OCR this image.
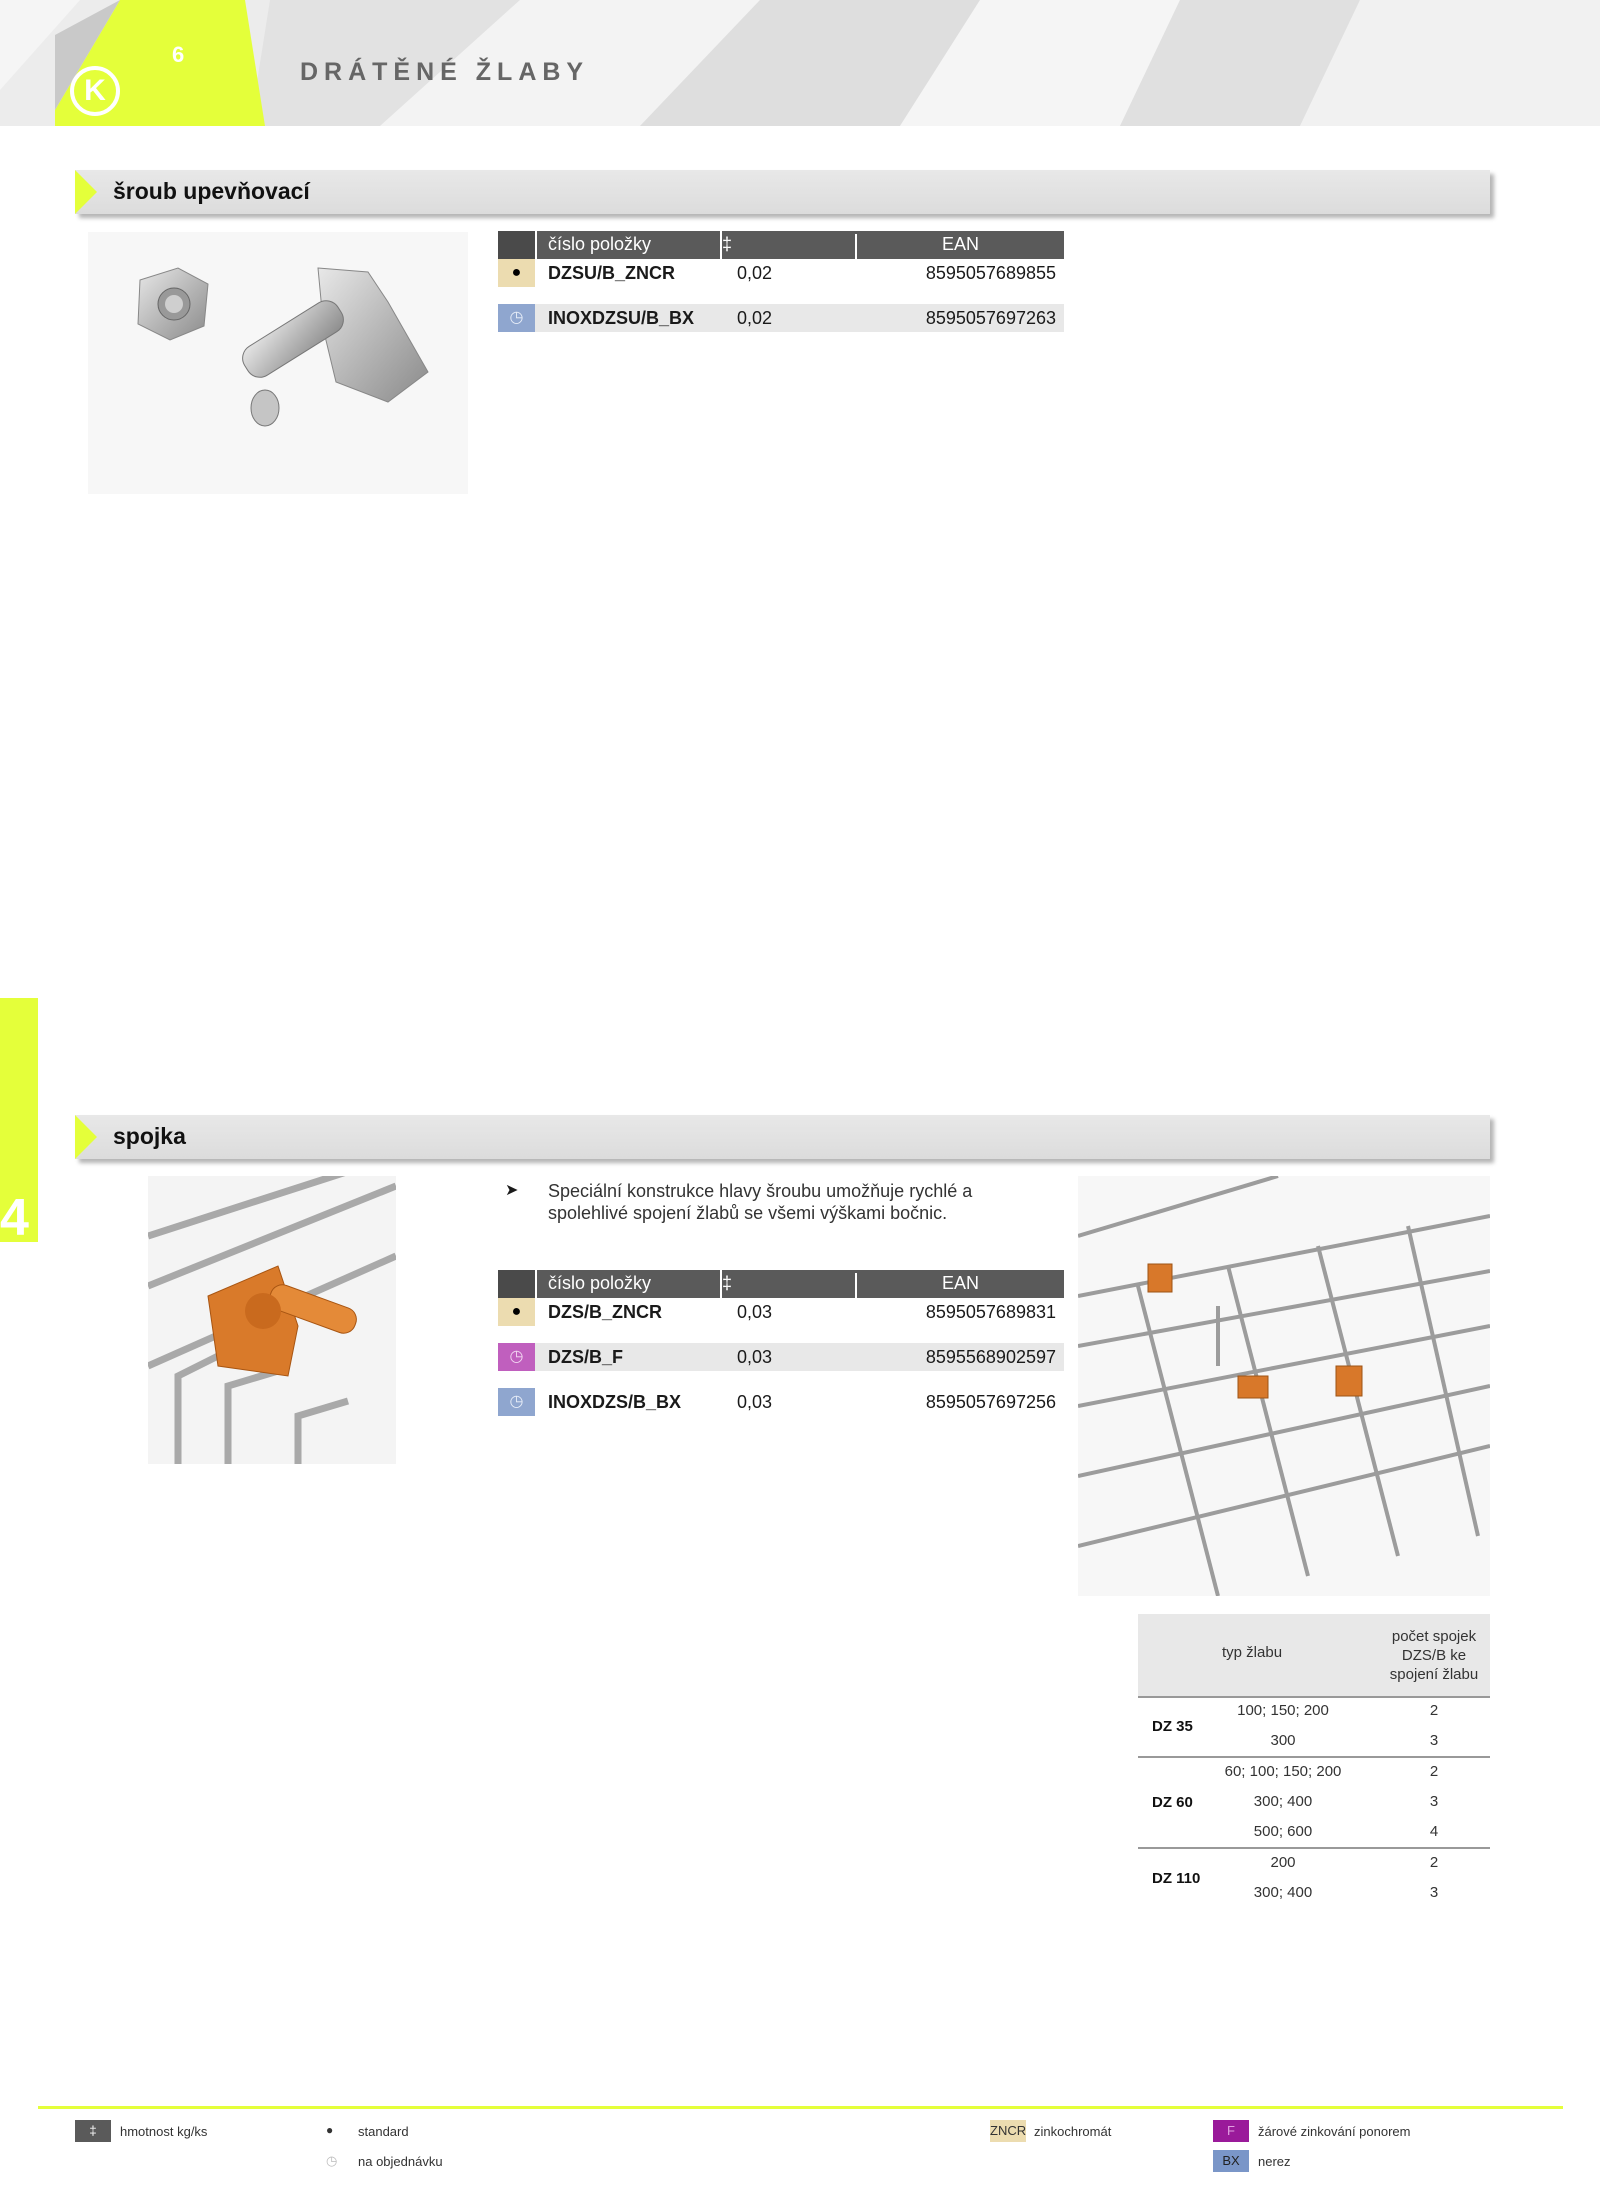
K
6
DRÁTĚNÉ ŽLABY
šroub upevňovací
číslo položky	‡	EAN
●	DZSU/B_ZNCR	0,02	8595057689855
◷	INOXDZSU/B_BX 0,02	8595057697263
4
spojka
➤ Speciální konstrukce hlavy šroubu umožňuje rychlé a spolehlivé spojení žlabů se všemi výškami bočnic.
číslo položky	‡	EAN
●	DZS/B_ZNCR	0,03	8595057689831
◷	DZS/B_F	0,03	8595568902597
◷	INOXDZS/B_BX	0,03	8595057697256
typ žlabu
počet spojek DZS/B ke spojení žlabu
DZ 35
100; 150; 200	2
300	3
DZ 60
60; 100; 150; 200	2
300; 400	3
500; 600	4
DZ 110
200	2
300; 400	3
‡	hmotnost kg/ks	● standard
◷ na objednávku
ZNCR zinkochromát	F	žárové zinkování ponorem
BX	nerez
